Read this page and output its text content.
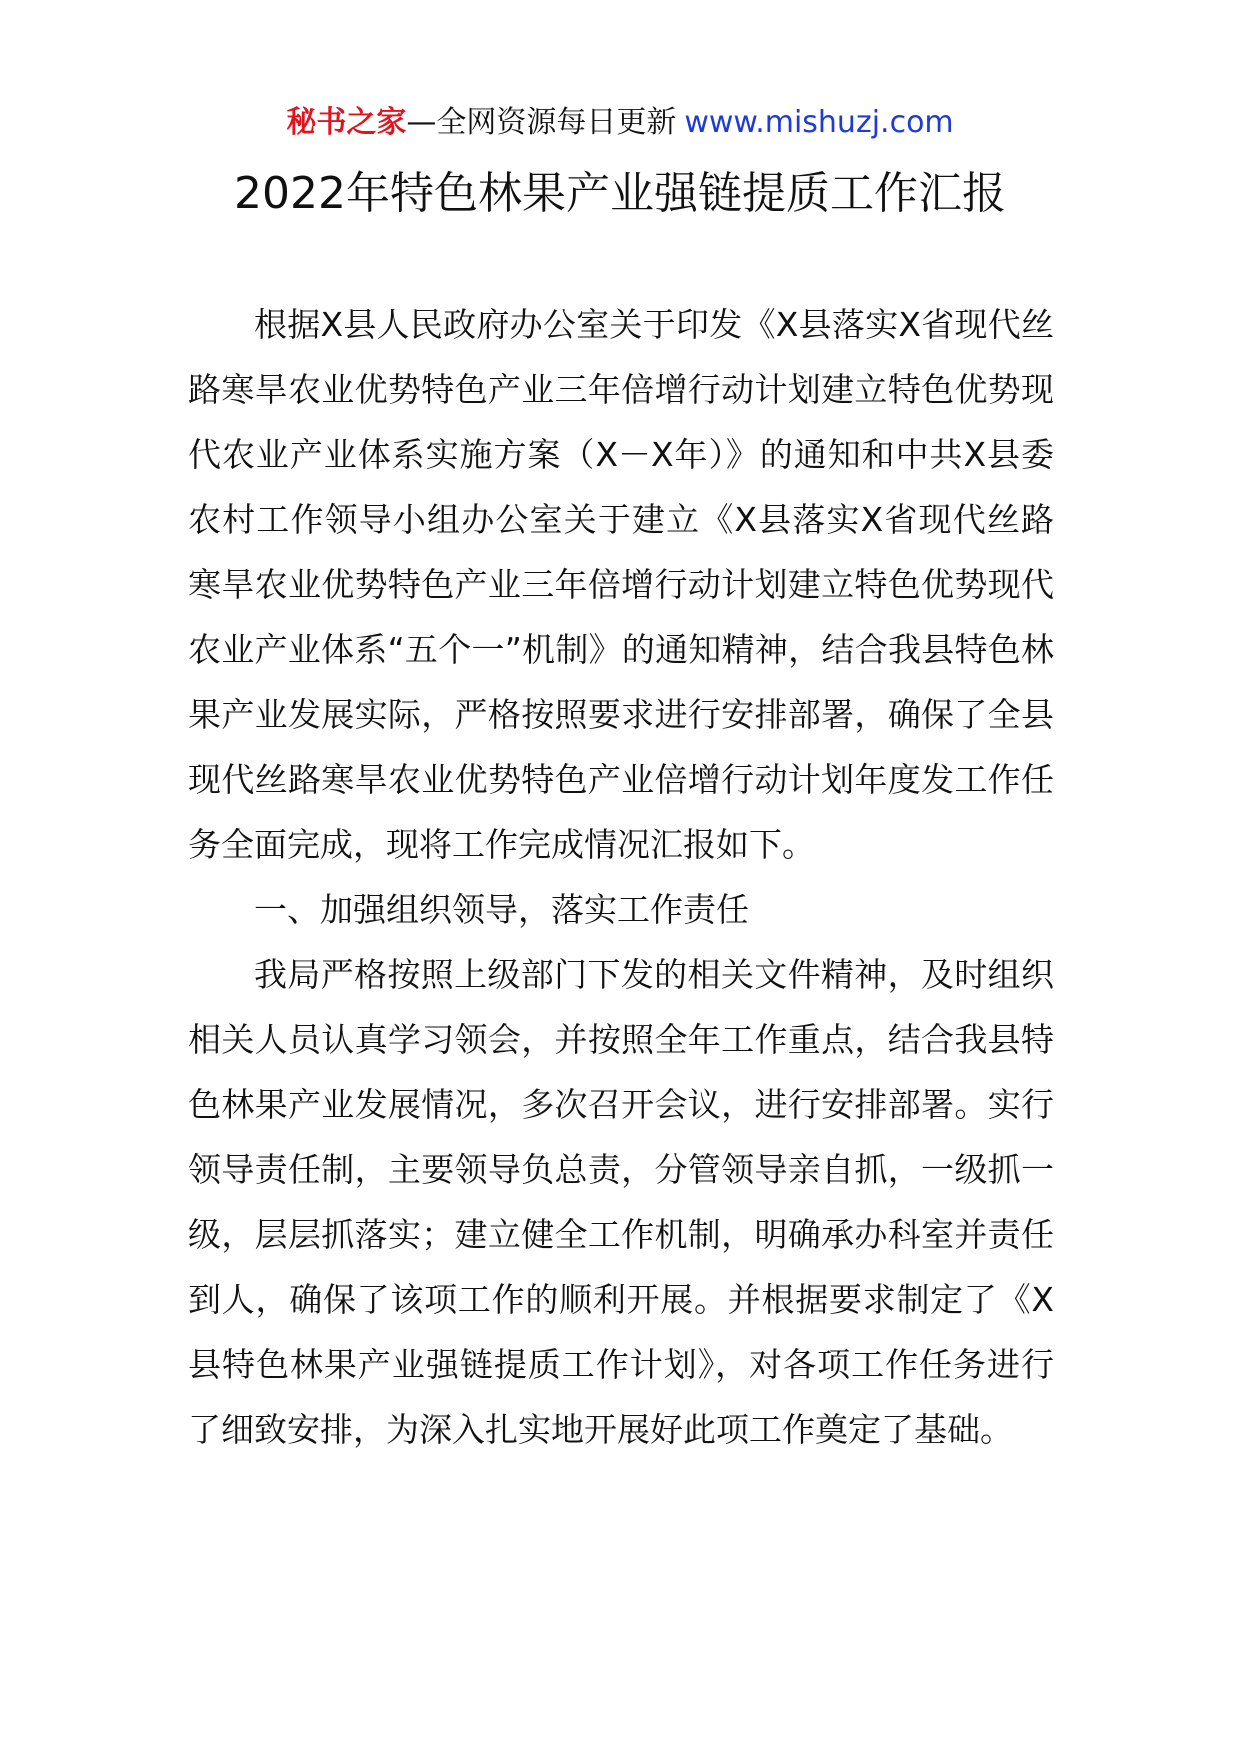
秘书之家—全网资源每日更新 www.mishuzj.com
2022年特色林果产业强链提质工作汇报

根据X县人民政府办公室关于印发《X县落实X省现代丝路寒旱农业优势特色产业三年倍增行动计划建立特色优势现代农业产业体系实施方案（X－X年）》的通知和中共X县委农村工作领导小组办公室关于建立《X县落实X省现代丝路寒旱农业优势特色产业三年倍增行动计划建立特色优势现代农业产业体系“五个一”机制》的通知精神，结合我县特色林果产业发展实际，严格按照要求进行安排部署，确保了全县现代丝路寒旱农业优势特色产业倍增行动计划年度发工作任务全面完成，现将工作完成情况汇报如下。

一、加强组织领导，落实工作责任

我局严格按照上级部门下发的相关文件精神，及时组织相关人员认真学习领会，并按照全年工作重点，结合我县特色林果产业发展情况，多次召开会议，进行安排部署。实行领导责任制，主要领导负总责，分管领导亲自抓，一级抓一级，层层抓落实；建立健全工作机制，明确承办科室并责任到人，确保了该项工作的顺利开展。并根据要求制定了《X县特色林果产业强链提质工作计划》，对各项工作任务进行了细致安排，为深入扎实地开展好此项工作奠定了基础。
